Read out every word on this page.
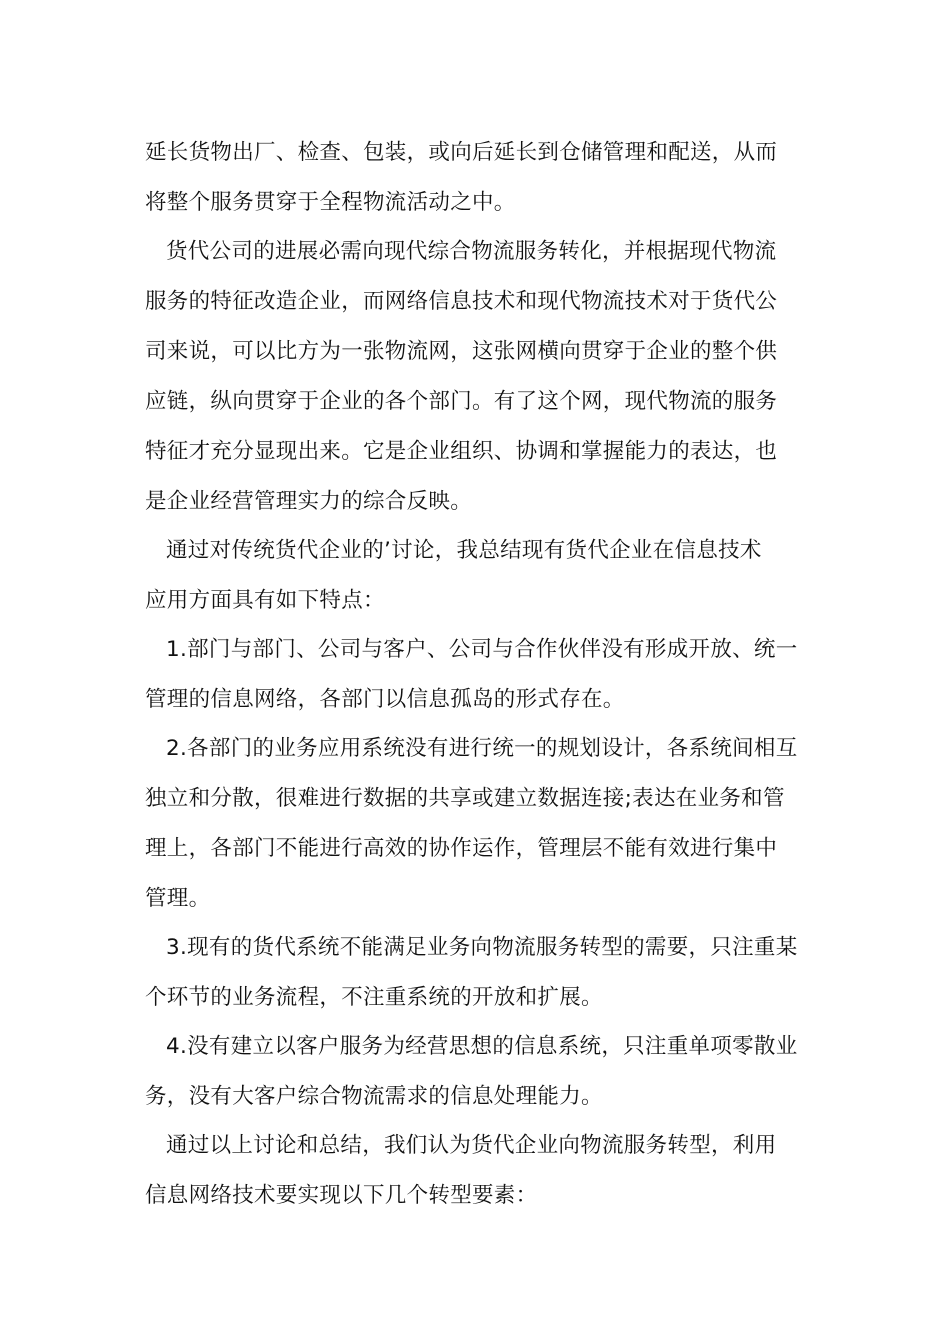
延长货物出厂、检查、包装，或向后延长到仓储管理和配送，从而
将整个服务贯穿于全程物流活动之中。
货代公司的进展必需向现代综合物流服务转化，并根据现代物流
服务的特征改造企业，而网络信息技术和现代物流技术对于货代公
司来说，可以比方为一张物流网，这张网横向贯穿于企业的整个供
应链，纵向贯穿于企业的各个部门。有了这个网，现代物流的服务
特征才充分显现出来。它是企业组织、协调和掌握能力的表达，也
是企业经营管理实力的综合反映。
通过对传统货代企业的’讨论，我总结现有货代企业在信息技术
应用方面具有如下特点：
1.部门与部门、公司与客户、公司与合作伙伴没有形成开放、统一
管理的信息网络，各部门以信息孤岛的形式存在。
2.各部门的业务应用系统没有进行统一的规划设计，各系统间相互
独立和分散，很难进行数据的共享或建立数据连接;表达在业务和管
理上，各部门不能进行高效的协作运作，管理层不能有效进行集中
管理。
3.现有的货代系统不能满足业务向物流服务转型的需要，只注重某
个环节的业务流程，不注重系统的开放和扩展。
4.没有建立以客户服务为经营思想的信息系统，只注重单项零散业
务，没有大客户综合物流需求的信息处理能力。
通过以上讨论和总结，我们认为货代企业向物流服务转型，利用
信息网络技术要实现以下几个转型要素：
